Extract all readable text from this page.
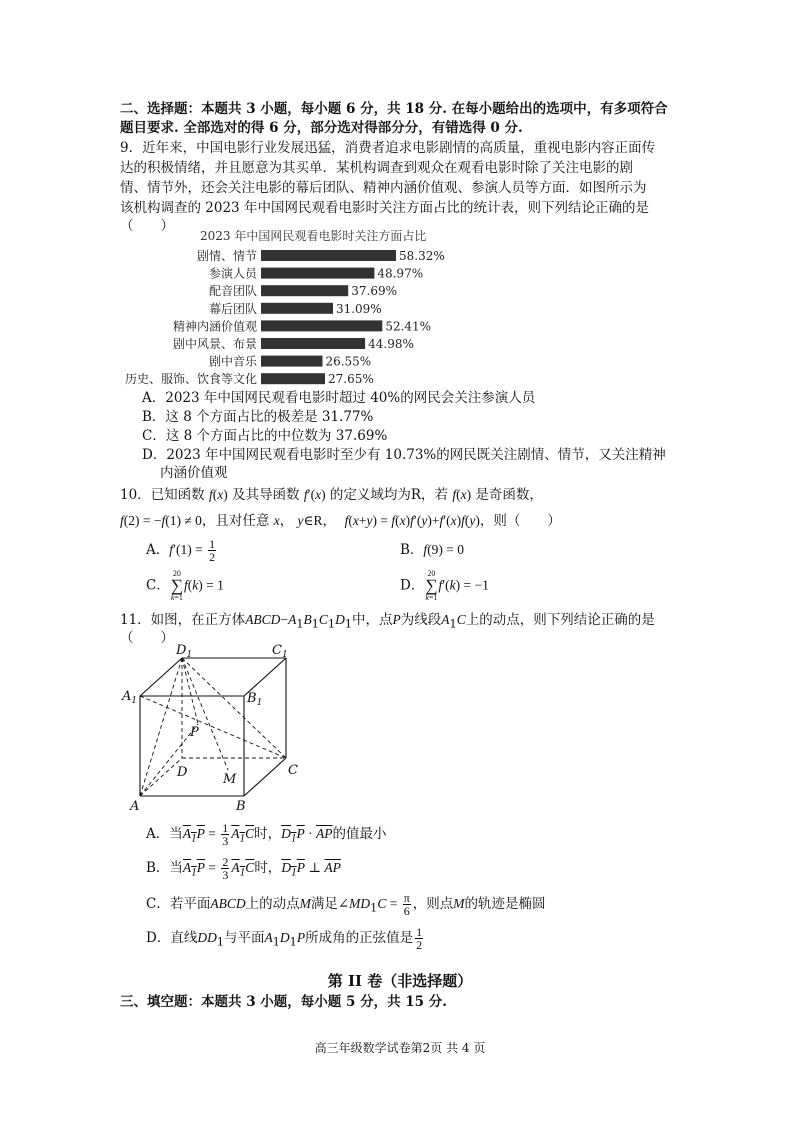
二、选择题：本题共 3 小题，每小题 6 分，共 18 分. 在每小题给出的选项中，有多项符合
题目要求. 全部选对的得 6 分，部分选对得部分分，有错选得 0 分.
9．近年来，中国电影行业发展迅猛，消费者追求电影剧情的高质量，重视电影内容正面传
达的积极情绪，并且愿意为其买单．某机构调查到观众在观看电影时除了关注电影的剧
情、情节外，还会关注电影的幕后团队、精神内涵价值观、参演人员等方面．如图所示为
该机构调查的 2023 年中国网民观看电影时关注方面占比的统计表，则下列结论正确的是
（　　）
2023 年中国网民观看电影时关注方面占比
剧情、情节	58.32%
参演人员	48.97%
配音团队	37.69%
幕后团队	31.09%
精神内涵价值观	52.41%
剧中风景、布景	44.98%
剧中音乐	26.55%
历史、服饰、饮食等文化	27.65%
A．2023 年中国网民观看电影时超过 40%的网民会关注参演人员
B．这 8 个方面占比的极差是 31.77%
C．这 8 个方面占比的中位数为 37.69%
D．2023 年中国网民观看电影时至少有 10.73%的网民既关注剧情、情节，又关注精神
内涵价值观
10．已知函数 f(x) 及其导函数 f′(x) 的定义域均为R，若 f(x) 是奇函数，
f(2) = −f(1) ≠ 0，且对任意 x， y∈R，  f(x+y) = f(x)f′(y)+f′(x)f(y)，则（　　）
A．$f'(1) = \frac{1}{2}$	B．f(9) = 0
C．20
∑
k=1f(k) = 1	D．20
∑
k=1f′(k) = −1
11．如图，在正方体$ABCD-A_1B_1C_1D_1$中，点P为线段$A_1C$上的动点，则下列结论正确的是
（　　）
$D_1$	$C_1$
$A_1$	$B_1$
P
D	M
C
A	B
A．当$A_1P = \frac{1}{3} A_1C$时，$D_1P \cdot \overline{AP}$的值最小
B．当$A_1P = \frac{2}{3} A_1C$时，$D_1P$ ⊥ $\overline{AP}$
C．若平面ABCD上的动点M满足$\angle MD_1C = \frac{\pi}{6}$ ，则点M的轨迹是椭圆
D．直线$DD_1$与平面$A_1D_1P$所成角的正弦值是 $\frac{1}{2}$
第 II 卷（非选择题）
三、填空题：本题共 3 小题，每小题 5 分，共 15 分.
高三年级数学试卷第2页 共 4 页
